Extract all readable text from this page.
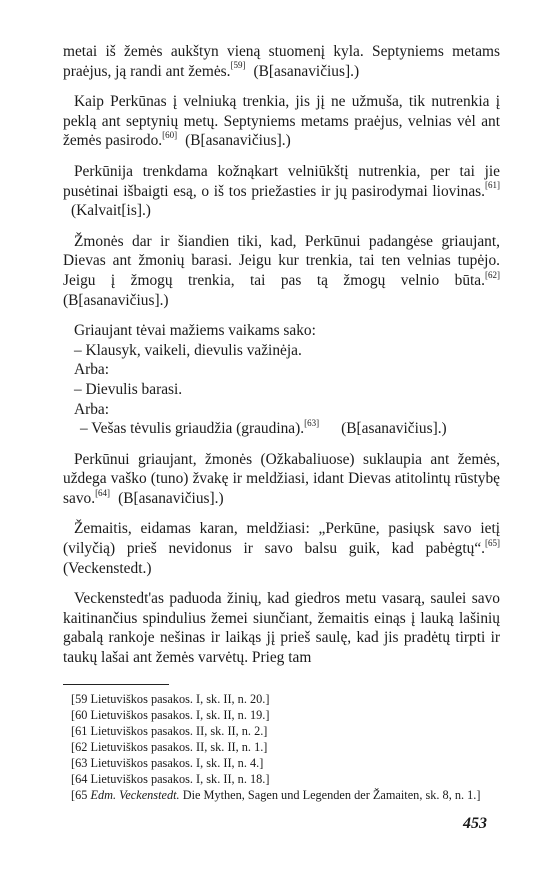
metai iš žemės aukštyn vieną stuomenį kyla. Septyniems metams praėjus, ją randi ant žemės.[59] (B[asanavičius].)

Kaip Perkūnas į velniuką trenkia, jis jį ne užmuša, tik nutrenkia į peklą ant septynių metų. Septyniems metams praėjus, velnias vėl ant žemės pasirodo.[60] (B[asanavičius].)

Perkūnija trenkdama kožnąkart velniūkštį nutrenkia, per tai jie pusėtinai išbaigti esą, o iš tos priežasties ir jų pasirodymai liovinas.[61](Kalvait[is].)

Žmonės dar ir šiandien tiki, kad, Perkūnui padangėse griaujant, Dievas ant žmonių barasi. Jeigu kur trenkia, tai ten velnias tupėjo. Jeigu į žmogų trenkia, tai pas tą žmogų velnio būta.[62] (B[asanavičius].)

Griaujant tėvai mažiems vaikams sako:
– Klausyk, vaikeli, dievulis važinėja.
Arba:
– Dievulis barasi.
Arba:
– Vešas tėvulis griaudžia (graudina).[63] (B[asanavičius].)

Perkūnui griaujant, žmonės (Ožkabaliuose) suklaupia ant žemės, uždega vaško (tuno) žvakę ir meldžiasi, idant Dievas atitolintų rūstybę savo.[64] (B[asanavičius].)

Žemaitis, eidamas karan, meldžiasi: „Perkūne, pasiųsk savo ietį (vilyčią) prieš nevidonus ir savo balsu guik, kad pabėgtų“.[65] (Veckenstedt.)

Veckenstedt'as paduoda žinių, kad giedros metu vasarą, saulei savo kaitinančius spindulius žemei siunčiant, žemaitis einąs į lauką lašinių gabalą rankoje nešinas ir laikąs jį prieš saulę, kad jis pradėtų tirpti ir taukų lašai ant žemės varvėtų. Prieg tam

[59 Lietuviškos pasakos. I, sk. II, n. 20.]
[60 Lietuviškos pasakos. I, sk. II, n. 19.]
[61 Lietuviškos pasakos. II, sk. II, n. 2.]
[62 Lietuviškos pasakos. II, sk. II, n. 1.]
[63 Lietuviškos pasakos. I, sk. II, n. 4.]
[64 Lietuviškos pasakos. I, sk. II, n. 18.]
[65 Edm. Veckenstedt. Die Mythen, Sagen und Legenden der Žamaiten, sk. 8, n. 1.]
453
